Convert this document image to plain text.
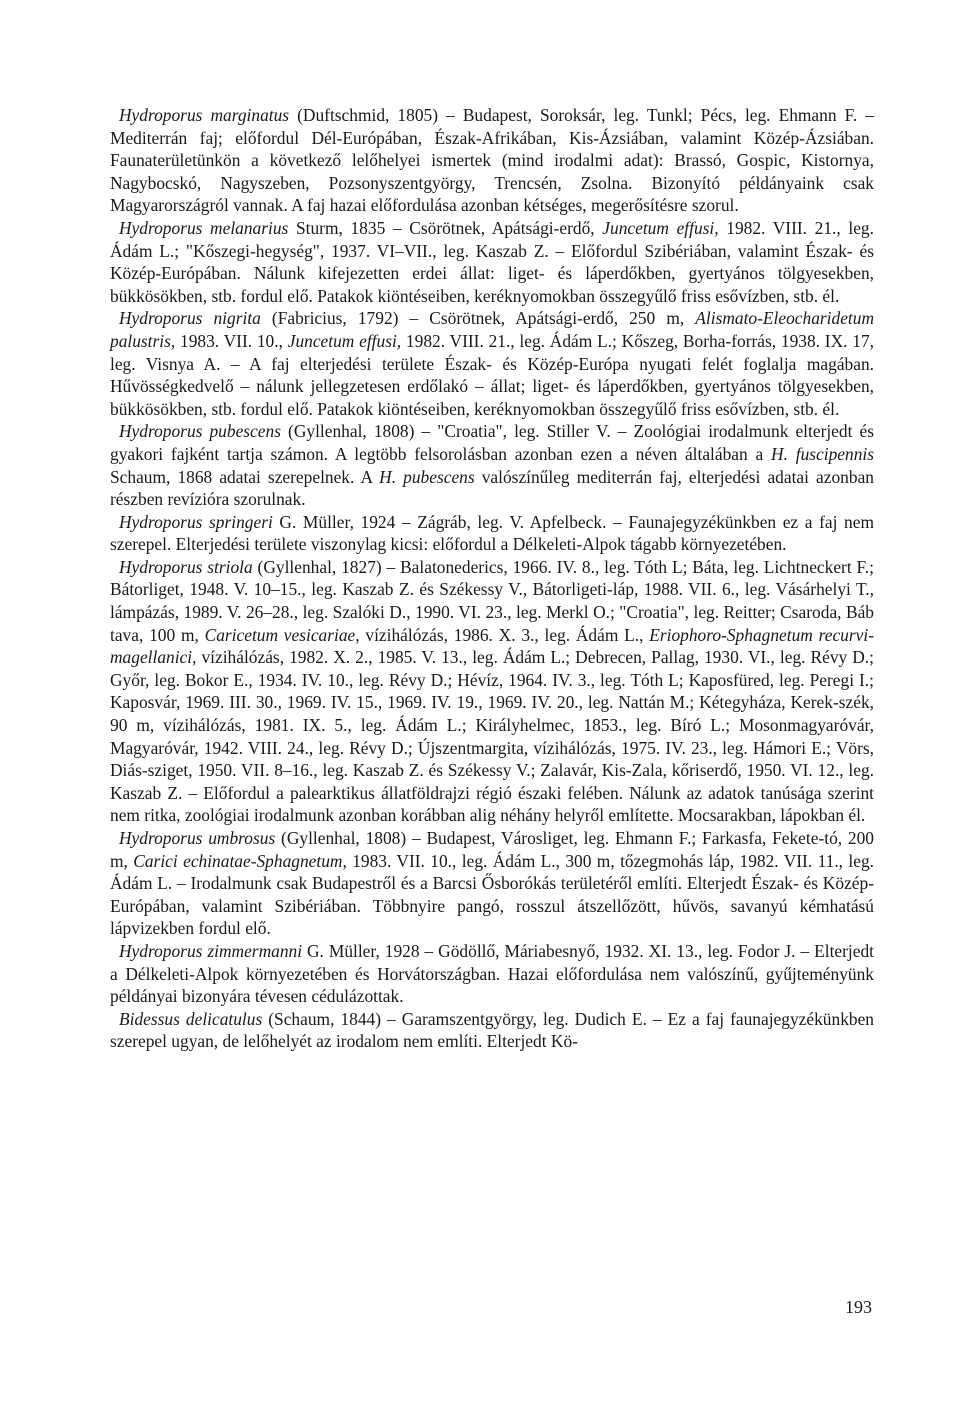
Hydroporus marginatus (Duftschmid, 1805) – Budapest, Soroksár, leg. Tunkl; Pécs, leg. Ehmann F. – Mediterrán faj; előfordul Dél-Európában, Észak-Afrikában, Kis-Ázsiában, valamint Közép-Ázsiában. Faunaterületünkön a következő lelőhelyei ismertek (mind irodalmi adat): Brassó, Gospic, Kistornya, Nagybocskó, Nagyszeben, Pozsonyszentgyörgy, Trencsén, Zsolna. Bizonyító példányaink csak Magyarországról vannak. A faj hazai előfordulása azonban kétséges, megerősítésre szorul.

Hydroporus melanarius Sturm, 1835 – Csörötnek, Apátsági-erdő, Juncetum effusi, 1982. VIII. 21., leg. Ádám L.; "Kőszegi-hegység", 1937. VI–VII., leg. Kaszab Z. – Előfordul Szibériában, valamint Észak- és Közép-Európában. Nálunk kifejezetten erdei állat: liget- és láperdőkben, gyertyános tölgyesekben, bükkösökben, stb. fordul elő. Patakok kiöntéseiben, keréknyomokban összegyűlő friss esővízben, stb. él.

Hydroporus nigrita (Fabricius, 1792) – Csörötnek, Apátsági-erdő, 250 m, Alismato-Eleocharidetum palustris, 1983. VII. 10., Juncetum effusi, 1982. VIII. 21., leg. Ádám L.; Kőszeg, Borha-forrás, 1938. IX. 17, leg. Visnya A. – A faj elterjedési területe Észak- és Közép-Európa nyugati felét foglalja magában. Hűvösségkedvelő – nálunk jellegzetesen erdőlakó – állat; liget- és láperdőkben, gyertyános tölgyesekben, bükkösökben, stb. fordul elő. Patakok kiöntéseiben, keréknyomokban összegyűlő friss esővízben, stb. él.

Hydroporus pubescens (Gyllenhal, 1808) – "Croatia", leg. Stiller V. – Zoológiai irodalmunk elterjedt és gyakori fajként tartja számon. A legtöbb felsorolásban azonban ezen a néven általában a H. fuscipennis Schaum, 1868 adatai szerepelnek. A H. pubescens valószínűleg mediterrán faj, elterjedési adatai azonban részben revízióra szorulnak.

Hydroporus springeri G. Müller, 1924 – Zágráb, leg. V. Apfelbeck. – Faunajegyzékünkben ez a faj nem szerepel. Elterjedési területe viszonylag kicsi: előfordul a Délkeleti-Alpok tágabb környezetében.

Hydroporus striola (Gyllenhal, 1827) – Balatonederics, 1966. IV. 8., leg. Tóth L; Báta, leg. Lichtneckert F.; Bátorliget, 1948. V. 10–15., leg. Kaszab Z. és Székessy V., Bátorligeti-láp, 1988. VII. 6., leg. Vásárhelyi T., lámpázás, 1989. V. 26–28., leg. Szalóki D., 1990. VI. 23., leg. Merkl O.; "Croatia", leg. Reitter; Csaroda, Báb tava, 100 m, Caricetum vesicariae, vízihálózás, 1986. X. 3., leg. Ádám L., Eriophoro-Sphagnetum recurvi-magellanici, vízihálózás, 1982. X. 2., 1985. V. 13., leg. Ádám L.; Debrecen, Pallag, 1930. VI., leg. Révy D.; Győr, leg. Bokor E., 1934. IV. 10., leg. Révy D.; Hévíz, 1964. IV. 3., leg. Tóth L; Kaposfüred, leg. Peregi I.; Kaposvár, 1969. III. 30., 1969. IV. 15., 1969. IV. 19., 1969. IV. 20., leg. Nattán M.; Kétegyháza, Kerek-szék, 90 m, vízihálózás, 1981. IX. 5., leg. Ádám L.; Királyhelmec, 1853., leg. Bíró L.; Mosonmagyaróvár, Magyaróvár, 1942. VIII. 24., leg. Révy D.; Újszentmargita, vízihálózás, 1975. IV. 23., leg. Hámori E.; Vörs, Diás-sziget, 1950. VII. 8–16., leg. Kaszab Z. és Székessy V.; Zalavár, Kis-Zala, kőriserdő, 1950. VI. 12., leg. Kaszab Z. – Előfordul a palearktikus állatföldrajzi régió északi felében. Nálunk az adatok tanúsága szerint nem ritka, zoológiai irodalmunk azonban korábban alig néhány helyről említette. Mocsarakban, lápokban él.

Hydroporus umbrosus (Gyllenhal, 1808) – Budapest, Városliget, leg. Ehmann F.; Farkasfa, Fekete-tó, 200 m, Carici echinatae-Sphagnetum, 1983. VII. 10., leg. Ádám L., 300 m, tőzegmohás láp, 1982. VII. 11., leg. Ádám L. – Irodalmunk csak Budapestről és a Barcsi Ősborókás területéről említi. Elterjedt Észak- és Közép-Európában, valamint Szibériában. Többnyire pangó, rosszul átszellőzött, hűvös, savanyú kémhatású lápvizekben fordul elő.

Hydroporus zimmermanni G. Müller, 1928 – Gödöllő, Máriabesnyő, 1932. XI. 13., leg. Fodor J. – Elterjedt a Délkeleti-Alpok környezetében és Horvátországban. Hazai előfordulása nem valószínű, gyűjteményünk példányai bizonyára tévesen cédulázottak.

Bidessus delicatulus (Schaum, 1844) – Garamszentgyörgy, leg. Dudich E. – Ez a faj faunajegyzékünkben szerepel ugyan, de lelőhelyét az irodalom nem említi. Elterjedt Kö-

193
